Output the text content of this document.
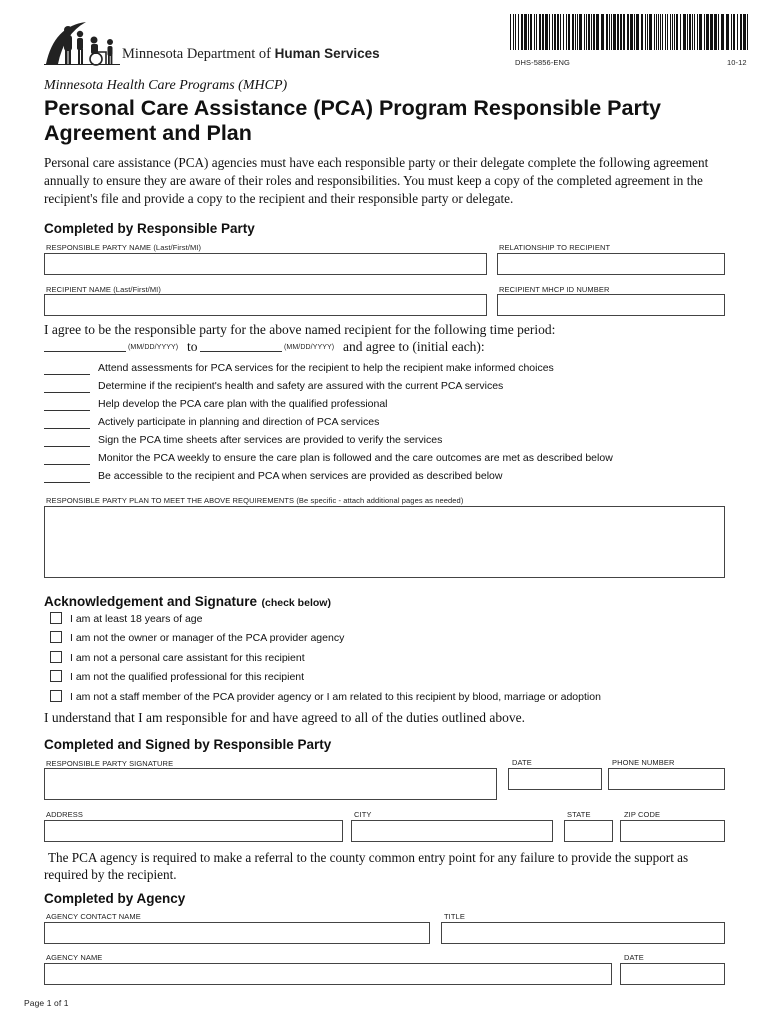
Minnesota Department of Human Services
DHS-5856-ENG	10-12
Minnesota Health Care Programs (MHCP)
Personal Care Assistance (PCA) Program Responsible Party
Agreement and Plan
Personal care assistance (PCA) agencies must have each responsible party or their delegate complete the following agreement annually to ensure they are aware of their roles and responsibilities. You must keep a copy of the completed agreement in the recipient's file and provide a copy to the recipient and their responsible party or delegate.
Completed by Responsible Party
RESPONSIBLE PARTY NAME (Last/First/MI)	RELATIONSHIP TO RECIPIENT
RECIPIENT NAME (Last/First/MI)	RECIPIENT MHCP ID NUMBER
I agree to be the responsible party for the above named recipient for the following time period:
(MM/DD/YYYY) to	(MM/DD/YYYY) and agree to (initial each):
Attend assessments for PCA services for the recipient to help the recipient make informed choices
Determine if the recipient's health and safety are assured with the current PCA services
Help develop the PCA care plan with the qualified professional
Actively participate in planning and direction of PCA services
Sign the PCA time sheets after services are provided to verify the services
Monitor the PCA weekly to ensure the care plan is followed and the care outcomes are met as described below
Be accessible to the recipient and PCA when services are provided as described below
RESPONSIBLE PARTY PLAN TO MEET THE ABOVE REQUIREMENTS (Be specific - attach additional pages as needed)
Acknowledgement and Signature (check below)
I am at least 18 years of age
I am not the owner or manager of the PCA provider agency
I am not a personal care assistant for this recipient
I am not the qualified professional for this recipient
I am not a staff member of the PCA provider agency or I am related to this recipient by blood, marriage or adoption
I understand that I am responsible for and have agreed to all of the duties outlined above.
Completed and Signed by Responsible Party
RESPONSIBLE PARTY SIGNATURE	DATE	PHONE NUMBER
ADDRESS	CITY	STATE	ZIP CODE
The PCA agency is required to make a referral to the county common entry point for any failure to provide the support as required by the recipient.
Completed by Agency
AGENCY CONTACT NAME	TITLE
AGENCY NAME	DATE
Page 1 of 1
